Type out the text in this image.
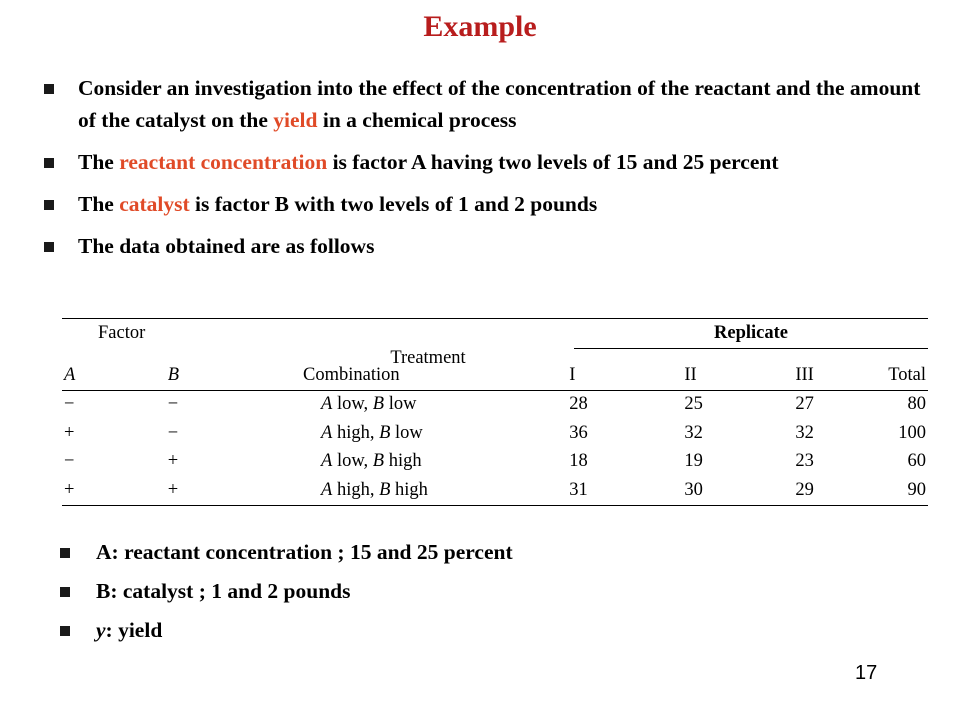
Example
Consider an investigation into the effect of the concentration of the reactant and the amount of the catalyst on the yield in a chemical process
The reactant concentration is factor A having two levels of 15 and 25 percent
The catalyst is factor B with two levels of 1 and 2 pounds
The data obtained are as follows
Factor			Replicate	
		Treatment		
A	B	Combination	I	II	III	Total
−	−	A low, B low	28	25	27	80
+	−	A high, B low	36	32	32	100
−	+	A low, B high	18	19	23	60
+	+	A high, B high	31	30	29	90
A: reactant concentration ; 15 and 25 percent
B: catalyst ; 1 and 2 pounds
y: yield
17
